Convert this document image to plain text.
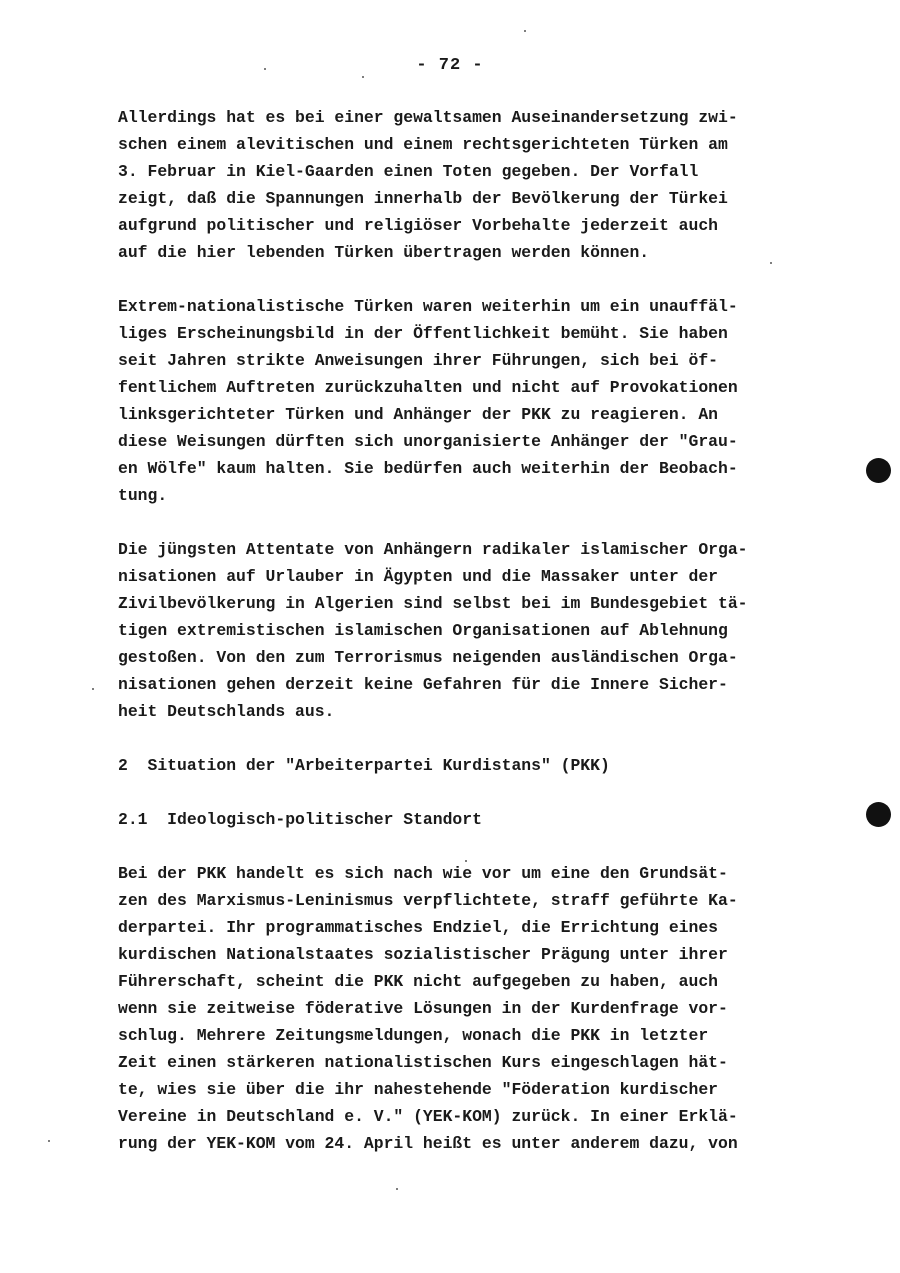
- 72 -
Allerdings hat es bei einer gewaltsamen Auseinandersetzung zwi-
schen einem alevitischen und einem rechtsgerichteten Türken am
3. Februar in Kiel-Gaarden einen Toten gegeben. Der Vorfall
zeigt, daß die Spannungen innerhalb der Bevölkerung der Türkei
aufgrund politischer und religiöser Vorbehalte jederzeit auch
auf die hier lebenden Türken übertragen werden können.
Extrem-nationalistische Türken waren weiterhin um ein unauffäl-
liges Erscheinungsbild in der Öffentlichkeit bemüht. Sie haben
seit Jahren strikte Anweisungen ihrer Führungen, sich bei öf-
fentlichem Auftreten zurückzuhalten und nicht auf Provokationen
linksgerichteter Türken und Anhänger der PKK zu reagieren. An
diese Weisungen dürften sich unorganisierte Anhänger der "Grau-
en Wölfe" kaum halten. Sie bedürfen auch weiterhin der Beobach-
tung.
Die jüngsten Attentate von Anhängern radikaler islamischer Orga-
nisationen auf Urlauber in Ägypten und die Massaker unter der
Zivilbevölkerung in Algerien sind selbst bei im Bundesgebiet tä-
tigen extremistischen islamischen Organisationen auf Ablehnung
gestoßen. Von den zum Terrorismus neigenden ausländischen Orga-
nisationen gehen derzeit keine Gefahren für die Innere Sicher-
heit Deutschlands aus.
2  Situation der "Arbeiterpartei Kurdistans" (PKK)
2.1  Ideologisch-politischer Standort
Bei der PKK handelt es sich nach wie vor um eine den Grundsät-
zen des Marxismus-Leninismus verpflichtete, straff geführte Ka-
derpartei. Ihr programmatisches Endziel, die Errichtung eines
kurdischen Nationalstaates sozialistischer Prägung unter ihrer
Führerschaft, scheint die PKK nicht aufgegeben zu haben, auch
wenn sie zeitweise föderative Lösungen in der Kurdenfrage vor-
schlug. Mehrere Zeitungsmeldungen, wonach die PKK in letzter
Zeit einen stärkeren nationalistischen Kurs eingeschlagen hät-
te, wies sie über die ihr nahestehende "Föderation kurdischer
Vereine in Deutschland e. V." (YEK-KOM) zurück. In einer Erklä-
rung der YEK-KOM vom 24. April heißt es unter anderem dazu, von
